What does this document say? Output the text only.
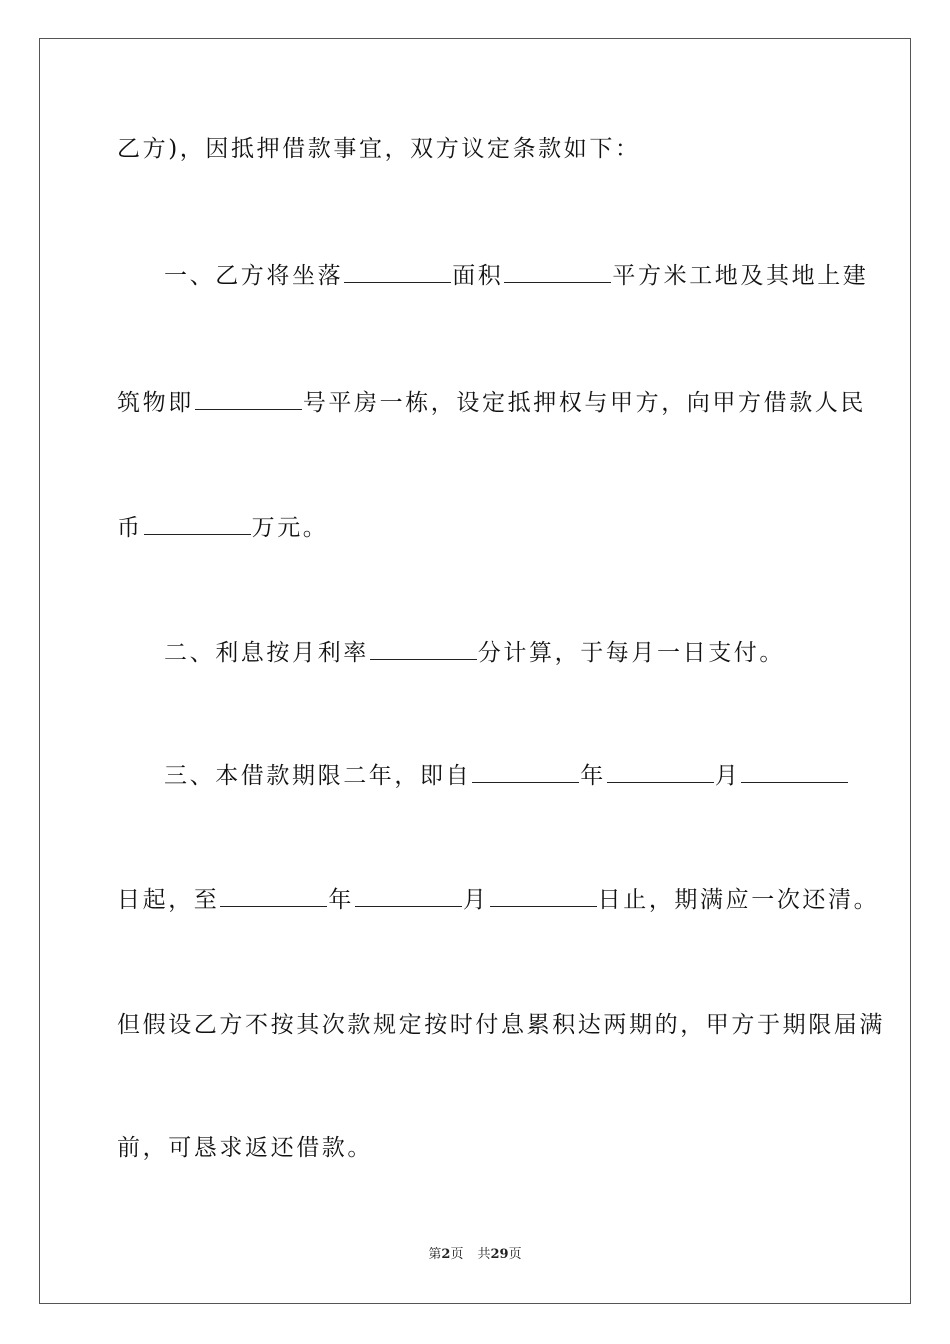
乙方)，因抵押借款事宜，双方议定条款如下：
一、乙方将坐落	面积	平方米工地及其地上建
筑物即	号平房一栋，设定抵押权与甲方，向甲方借款人民
币	万元。
二、利息按月利率	分计算，于每月一日支付。
三、本借款期限二年，即自	年	月
日起，至	年	月	日止，期满应一次还清。
但假设乙方不按其次款规定按时付息累积达两期的，甲方于期限届满
前，可恳求返还借款。
第2页 共29页
